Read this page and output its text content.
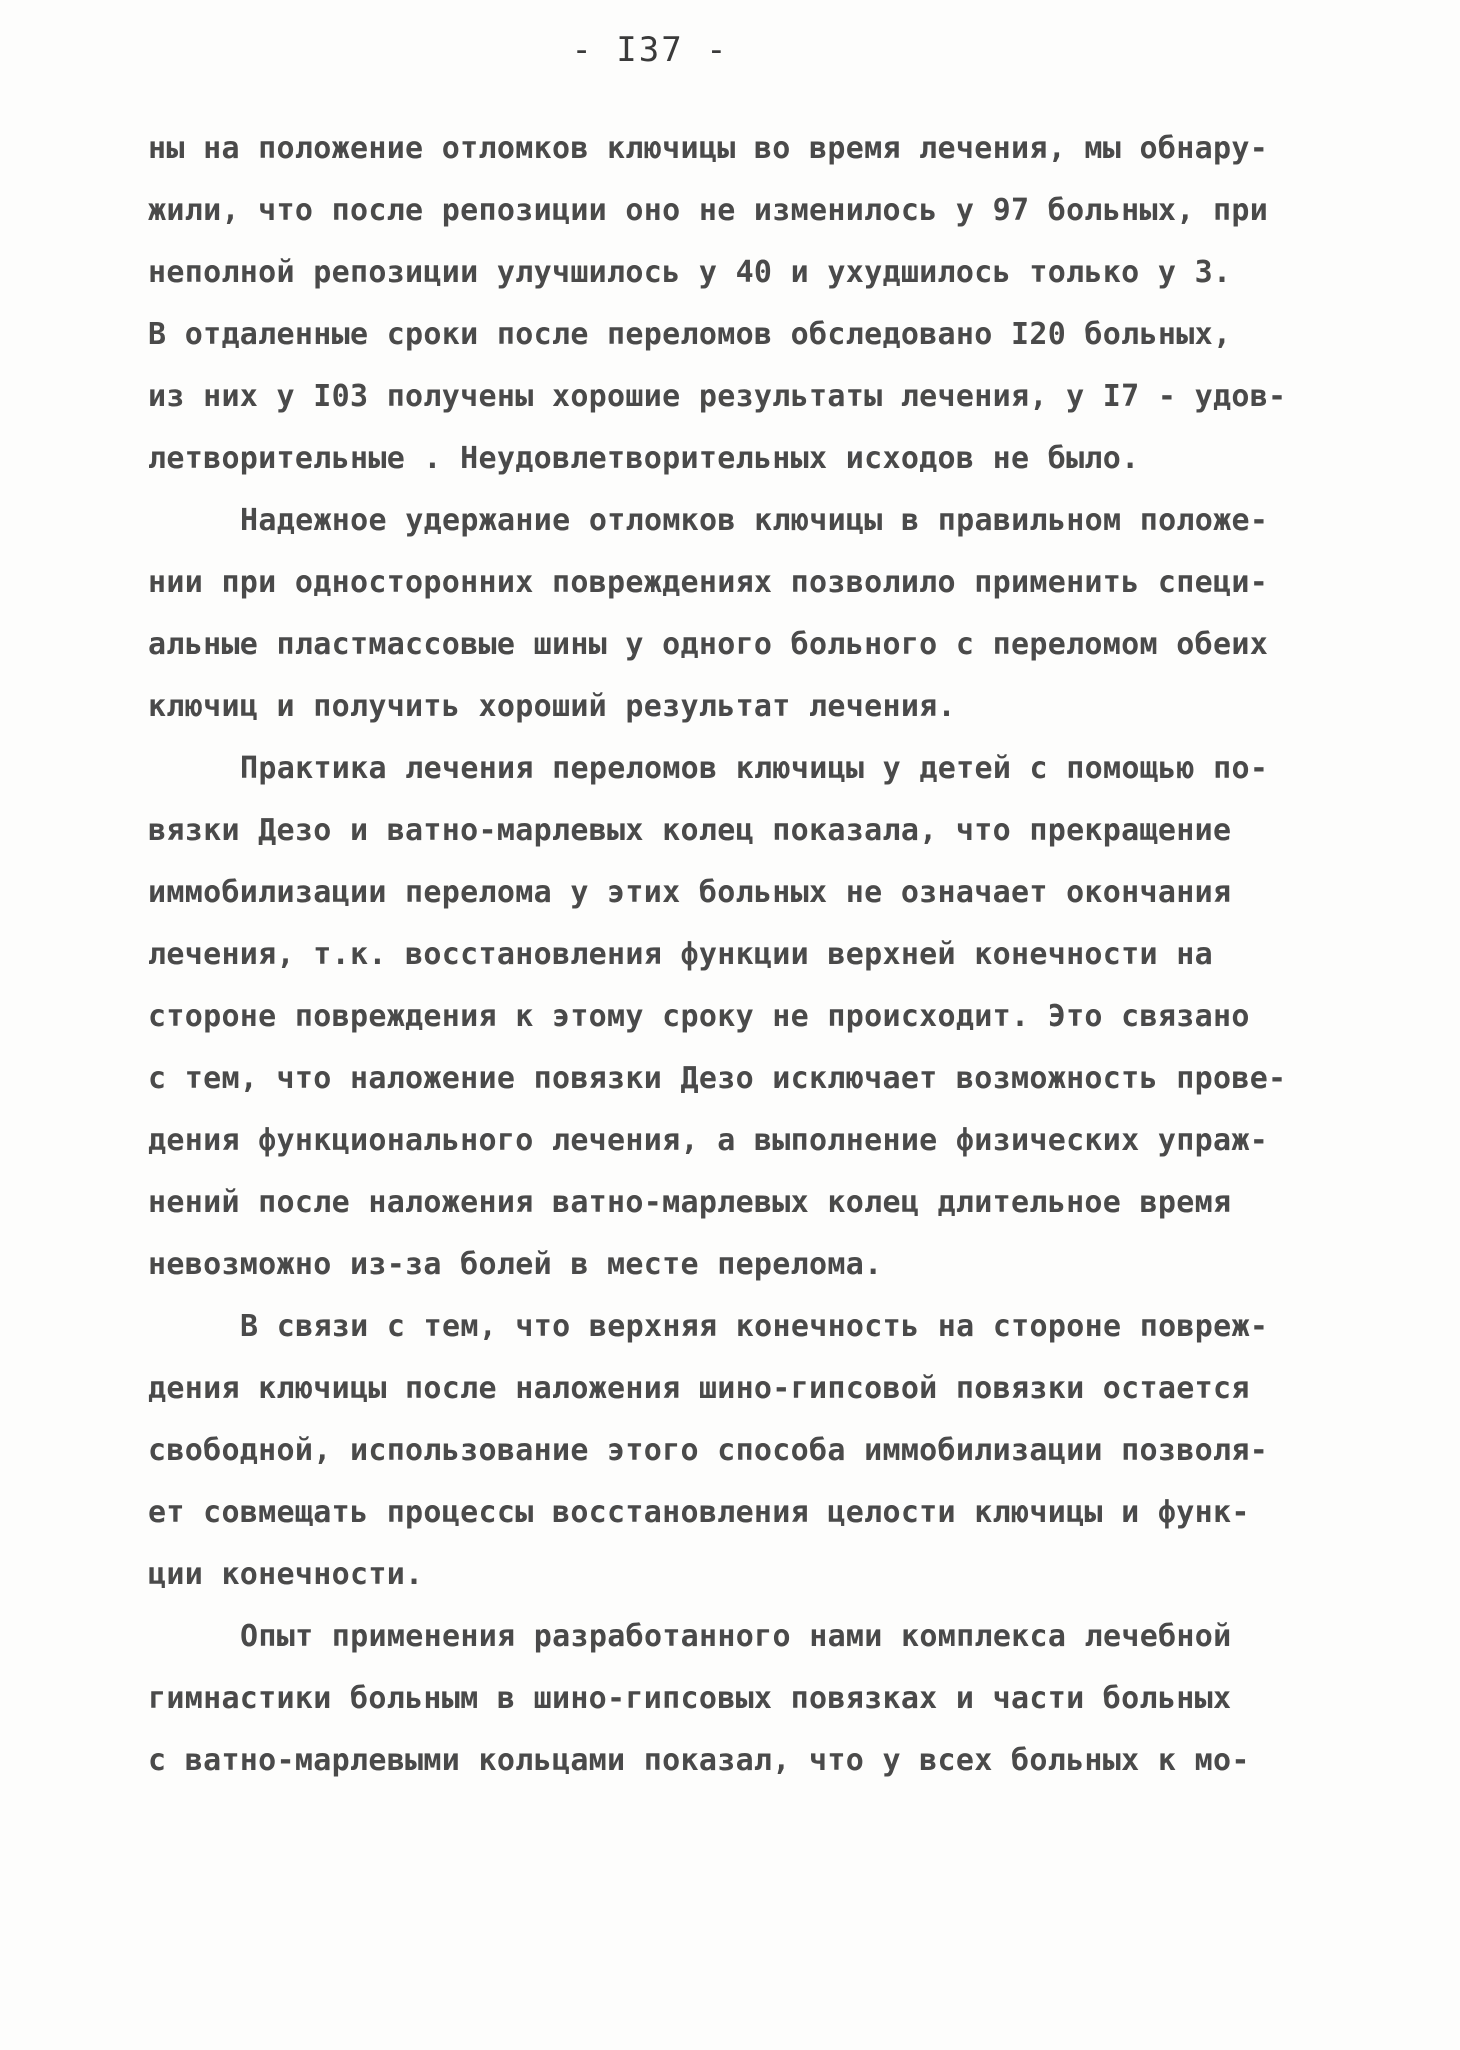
- I37 -
ны на положение отломков ключицы во время лечения, мы обнару-
жили, что после репозиции оно не изменилось у 97 больных, при
неполной репозиции улучшилось у 40 и ухудшилось только у 3.
В отдаленные сроки после переломов обследовано I20 больных,
из них у I03 получены хорошие результаты лечения, у I7 - удов-
летворительные . Неудовлетворительных исходов не было.
Надежное удержание отломков ключицы в правильном положе-
нии при односторонних повреждениях позволило применить специ-
альные пластмассовые шины у одного больного с переломом обеих
ключиц и получить хороший результат лечения.
Практика лечения переломов ключицы у детей с помощью по-
вязки Дезо и ватно-марлевых колец показала, что прекращение
иммобилизации перелома у этих больных не означает окончания
лечения, т.к. восстановления функции верхней конечности на
стороне повреждения к этому сроку не происходит. Это связано
с тем, что наложение повязки Дезо исключает возможность прове-
дения функционального лечения, а выполнение физических упраж-
нений после наложения ватно-марлевых колец длительное время
невозможно из-за болей в месте перелома.
В связи с тем, что верхняя конечность на стороне повреж-
дения ключицы после наложения шино-гипсовой повязки остается
свободной, использование этого способа иммобилизации позволя-
ет совмещать процессы восстановления целости ключицы и функ-
ции конечности.
Опыт применения разработанного нами комплекса лечебной
гимнастики больным в шино-гипсовых повязках и части больных
с ватно-марлевыми кольцами показал, что у всех больных к мо-
